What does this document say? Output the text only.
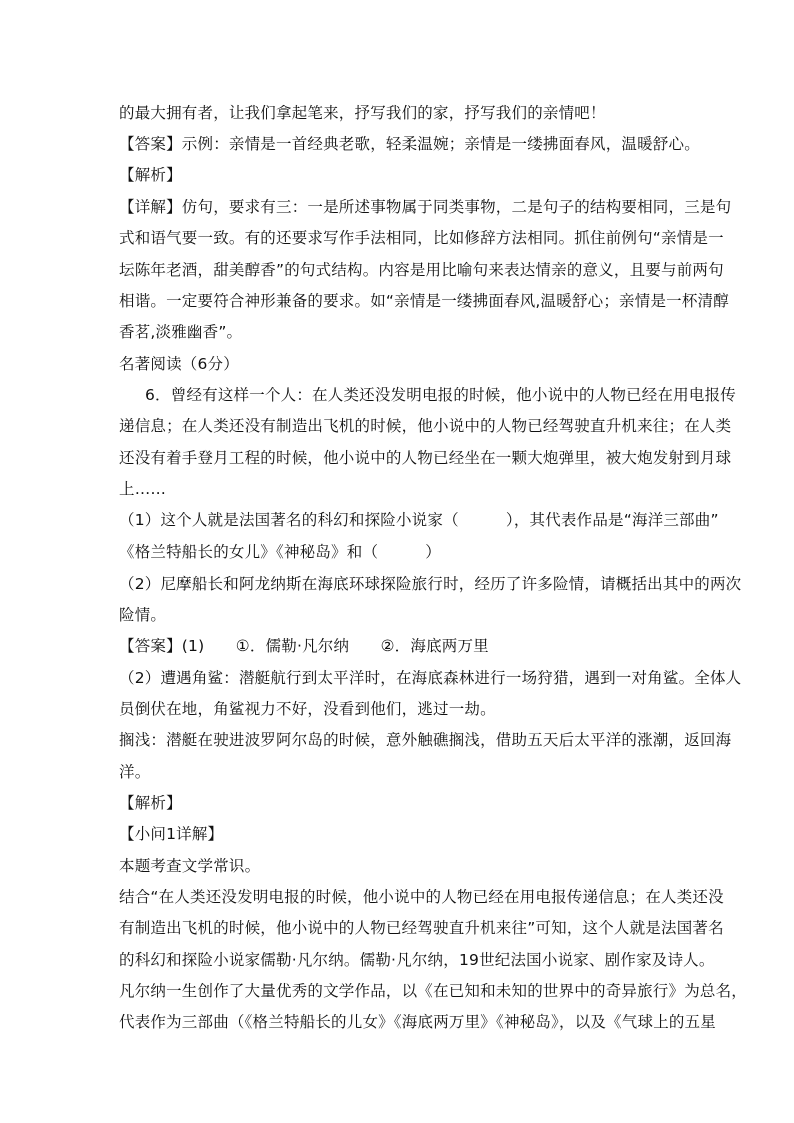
的最大拥有者，让我们拿起笔来，抒写我们的家，抒写我们的亲情吧！
【答案】示例：亲情是一首经典老歌，轻柔温婉；亲情是一缕拂面春风，温暖舒心。
【解析】
【详解】仿句，要求有三：一是所述事物属于同类事物，二是句子的结构要相同，三是句
式和语气要一致。有的还要求写作手法相同，比如修辞方法相同。抓住前例句“亲情是一
坛陈年老酒，甜美醇香”的句式结构。内容是用比喻句来表达情亲的意义，且要与前两句
相谐。一定要符合神形兼备的要求。如“亲情是一缕拂面春风,温暖舒心；亲情是一杯清醇
香茗,淡雅幽香”。
名著阅读（6分）
6．曾经有这样一个人：在人类还没发明电报的时候，他小说中的人物已经在用电报传
递信息；在人类还没有制造出飞机的时候，他小说中的人物已经驾驶直升机来往；在人类
还没有着手登月工程的时候，他小说中的人物已经坐在一颗大炮弹里，被大炮发射到月球
上……
（1）这个人就是法国著名的科幻和探险小说家（　　　），其代表作品是“海洋三部曲”
《格兰特船长的女儿》《神秘岛》和（　　　）
（2）尼摩船长和阿龙纳斯在海底环球探险旅行时，经历了许多险情，请概括出其中的两次
险情。
【答案】(1)　　①．儒勒·凡尔纳　　②．海底两万里
（2）遭遇角鲨：潜艇航行到太平洋时，在海底森林进行一场狩猎，遇到一对角鲨。全体人
员倒伏在地，角鲨视力不好，没看到他们，逃过一劫。
搁浅：潜艇在驶进波罗阿尔岛的时候，意外触礁搁浅，借助五天后太平洋的涨潮，返回海
洋。
【解析】
【小问1详解】
本题考查文学常识。
结合“在人类还没发明电报的时候，他小说中的人物已经在用电报传递信息；在人类还没
有制造出飞机的时候，他小说中的人物已经驾驶直升机来往”可知，这个人就是法国著名
的科幻和探险小说家儒勒·凡尔纳。儒勒·凡尔纳，19世纪法国小说家、剧作家及诗人。
凡尔纳一生创作了大量优秀的文学作品，以《在已知和未知的世界中的奇异旅行》为总名，
代表作为三部曲（《格兰特船长的儿女》《海底两万里》《神秘岛》，以及《气球上的五星
